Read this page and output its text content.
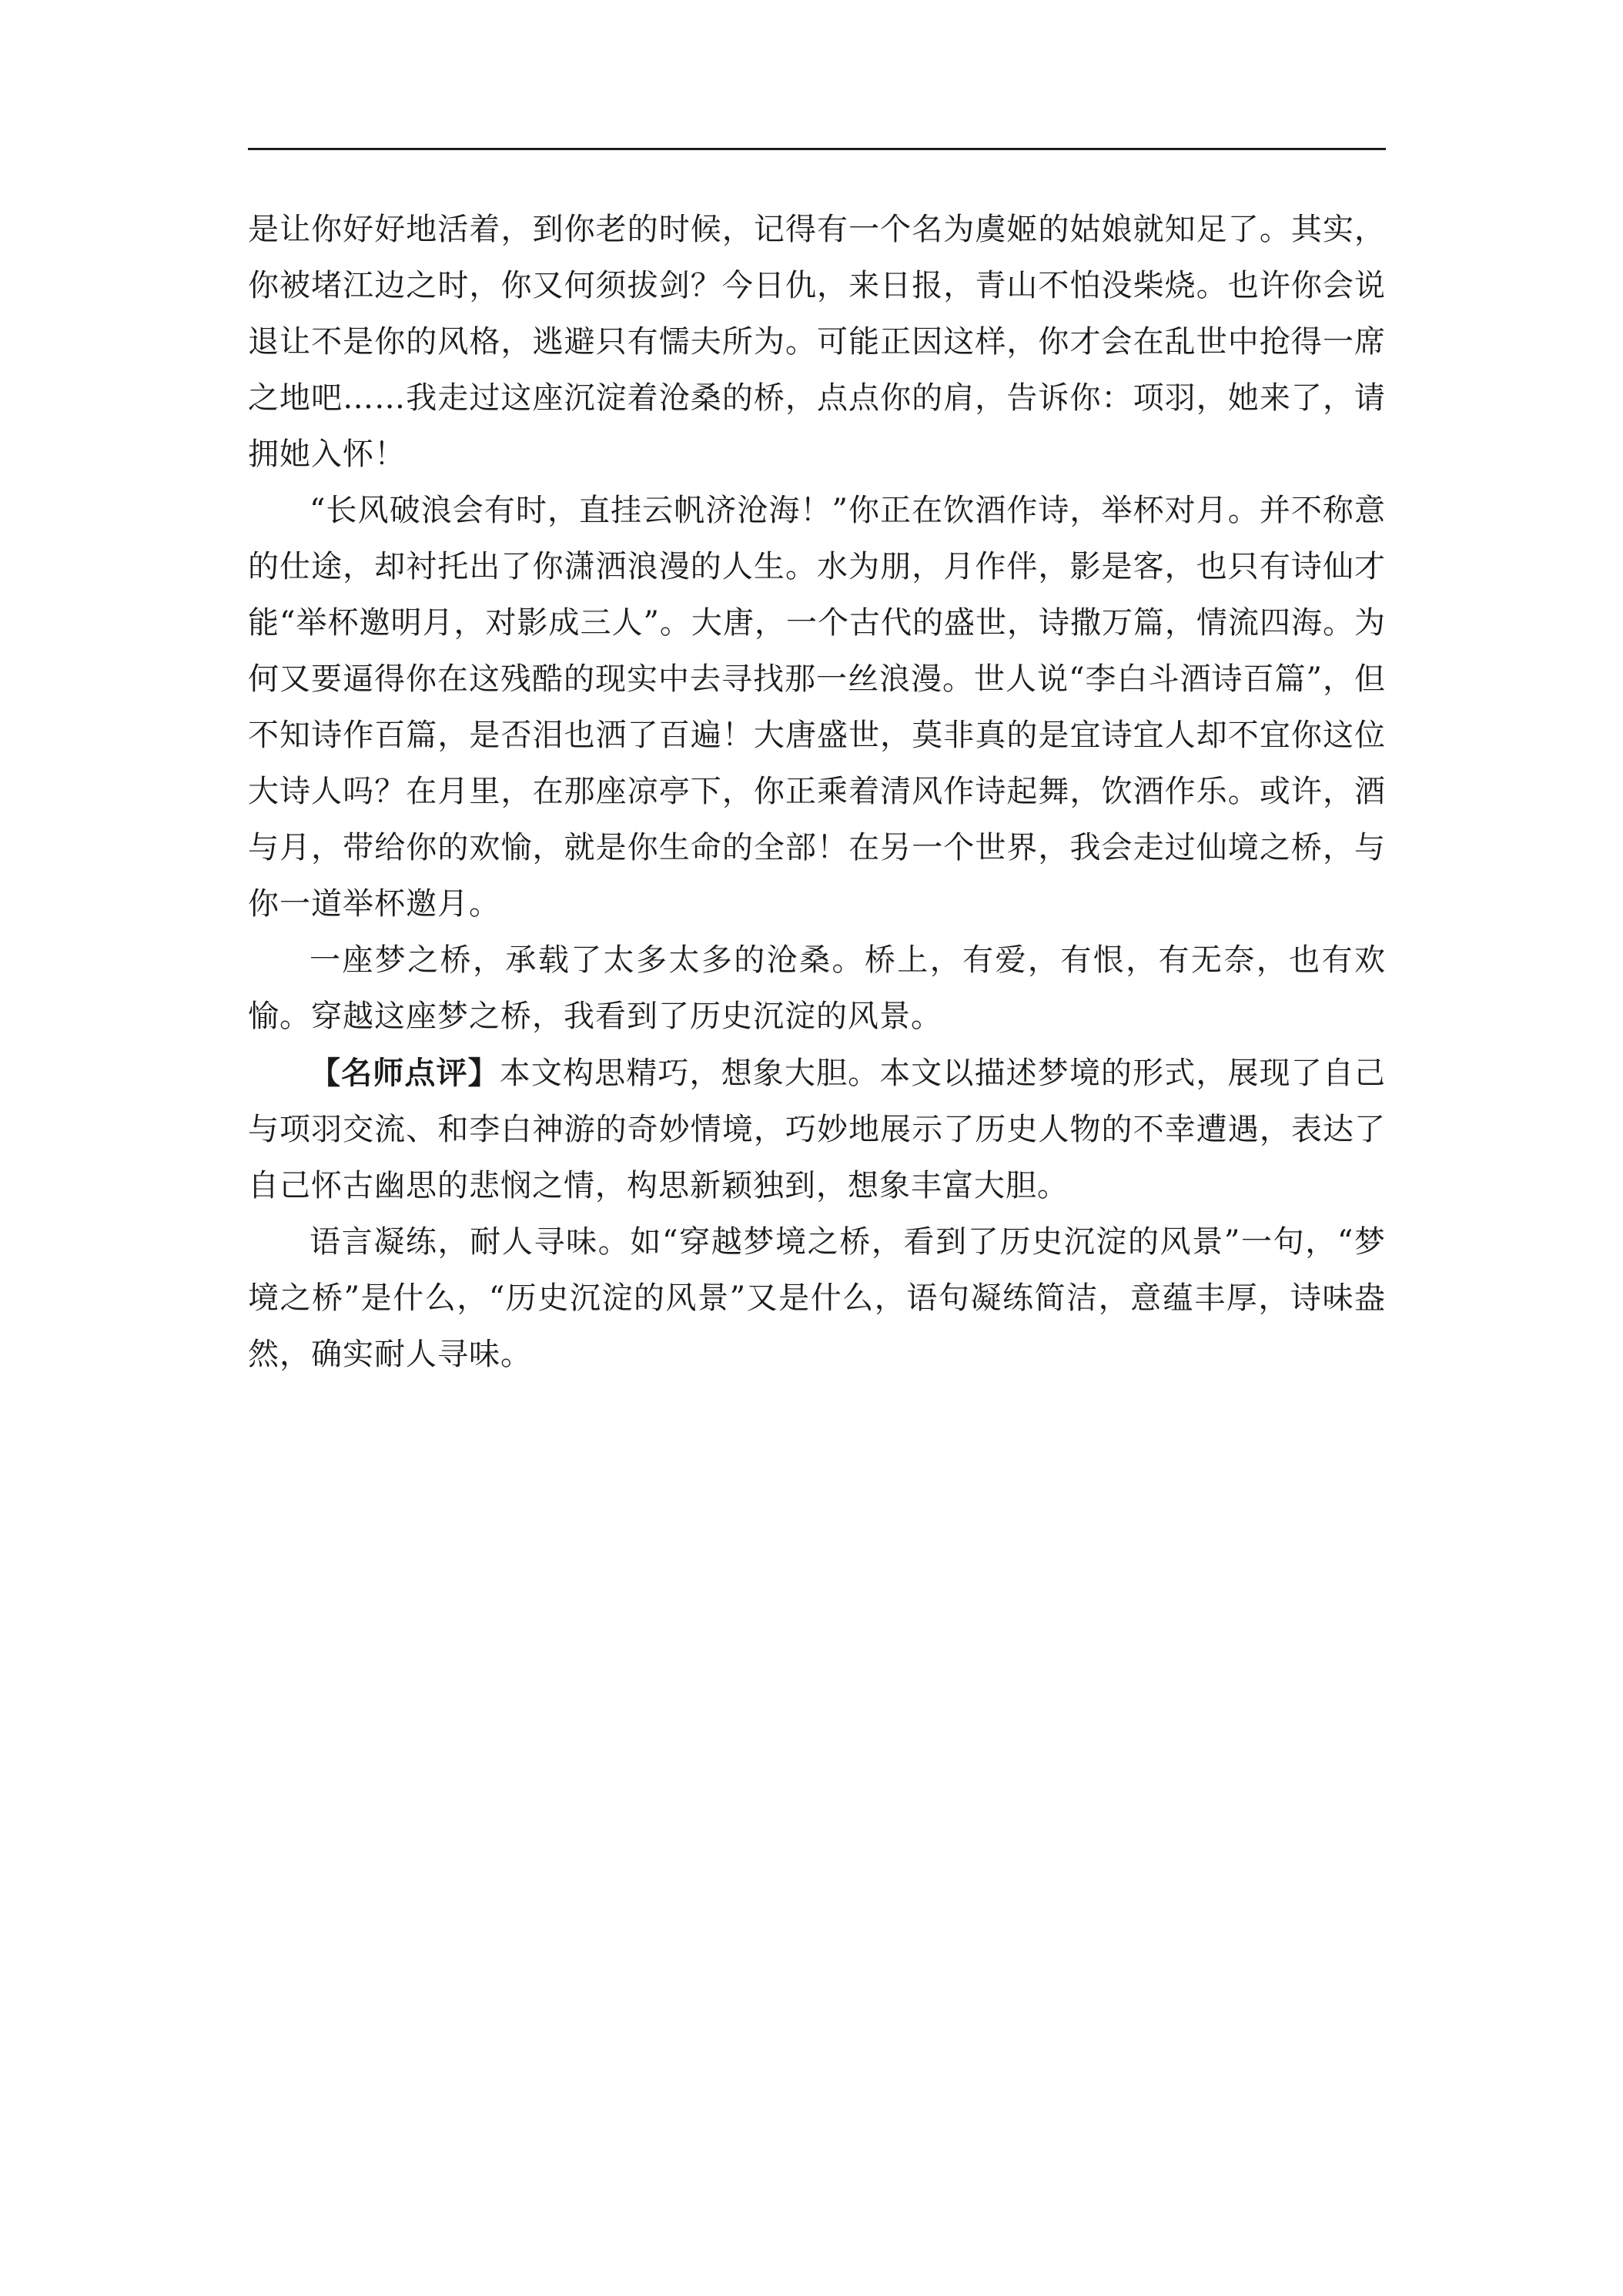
是让你好好地活着，到你老的时候，记得有一个名为虞姬的姑娘就知足了。其实，你被堵江边之时，你又何须拔剑？今日仇，来日报，青山不怕没柴烧。也许你会说退让不是你的风格，逃避只有懦夫所为。可能正因这样，你才会在乱世中抢得一席之地吧……我走过这座沉淀着沧桑的桥，点点你的肩，告诉你：项羽，她来了，请拥她入怀！

“长风破浪会有时，直挂云帆济沧海！”你正在饮酒作诗，举杯对月。并不称意的仕途，却衬托出了你潇洒浪漫的人生。水为朋，月作伴，影是客，也只有诗仙才能“举杯邀明月，对影成三人”。大唐，一个古代的盛世，诗撒万篇，情流四海。为何又要逼得你在这残酷的现实中去寻找那一丝浪漫。世人说“李白斗酒诗百篇”，但不知诗作百篇，是否泪也洒了百遍！大唐盛世，莫非真的是宜诗宜人却不宜你这位大诗人吗？在月里，在那座凉亭下，你正乘着清风作诗起舞，饮酒作乐。或许，酒与月，带给你的欢愉，就是你生命的全部！在另一个世界，我会走过仙境之桥，与你一道举杯邀月。

一座梦之桥，承载了太多太多的沧桑。桥上，有爱，有恨，有无奈，也有欢愉。穿越这座梦之桥，我看到了历史沉淀的风景。

【名师点评】本文构思精巧，想象大胆。本文以描述梦境的形式，展现了自己与项羽交流、和李白神游的奇妙情境，巧妙地展示了历史人物的不幸遭遇，表达了自己怀古幽思的悲悯之情，构思新颖独到，想象丰富大胆。

语言凝练，耐人寻味。如“穿越梦境之桥，看到了历史沉淀的风景”一句，“梦境之桥”是什么，“历史沉淀的风景”又是什么，语句凝练简洁，意蕴丰厚，诗味盎然，确实耐人寻味。
